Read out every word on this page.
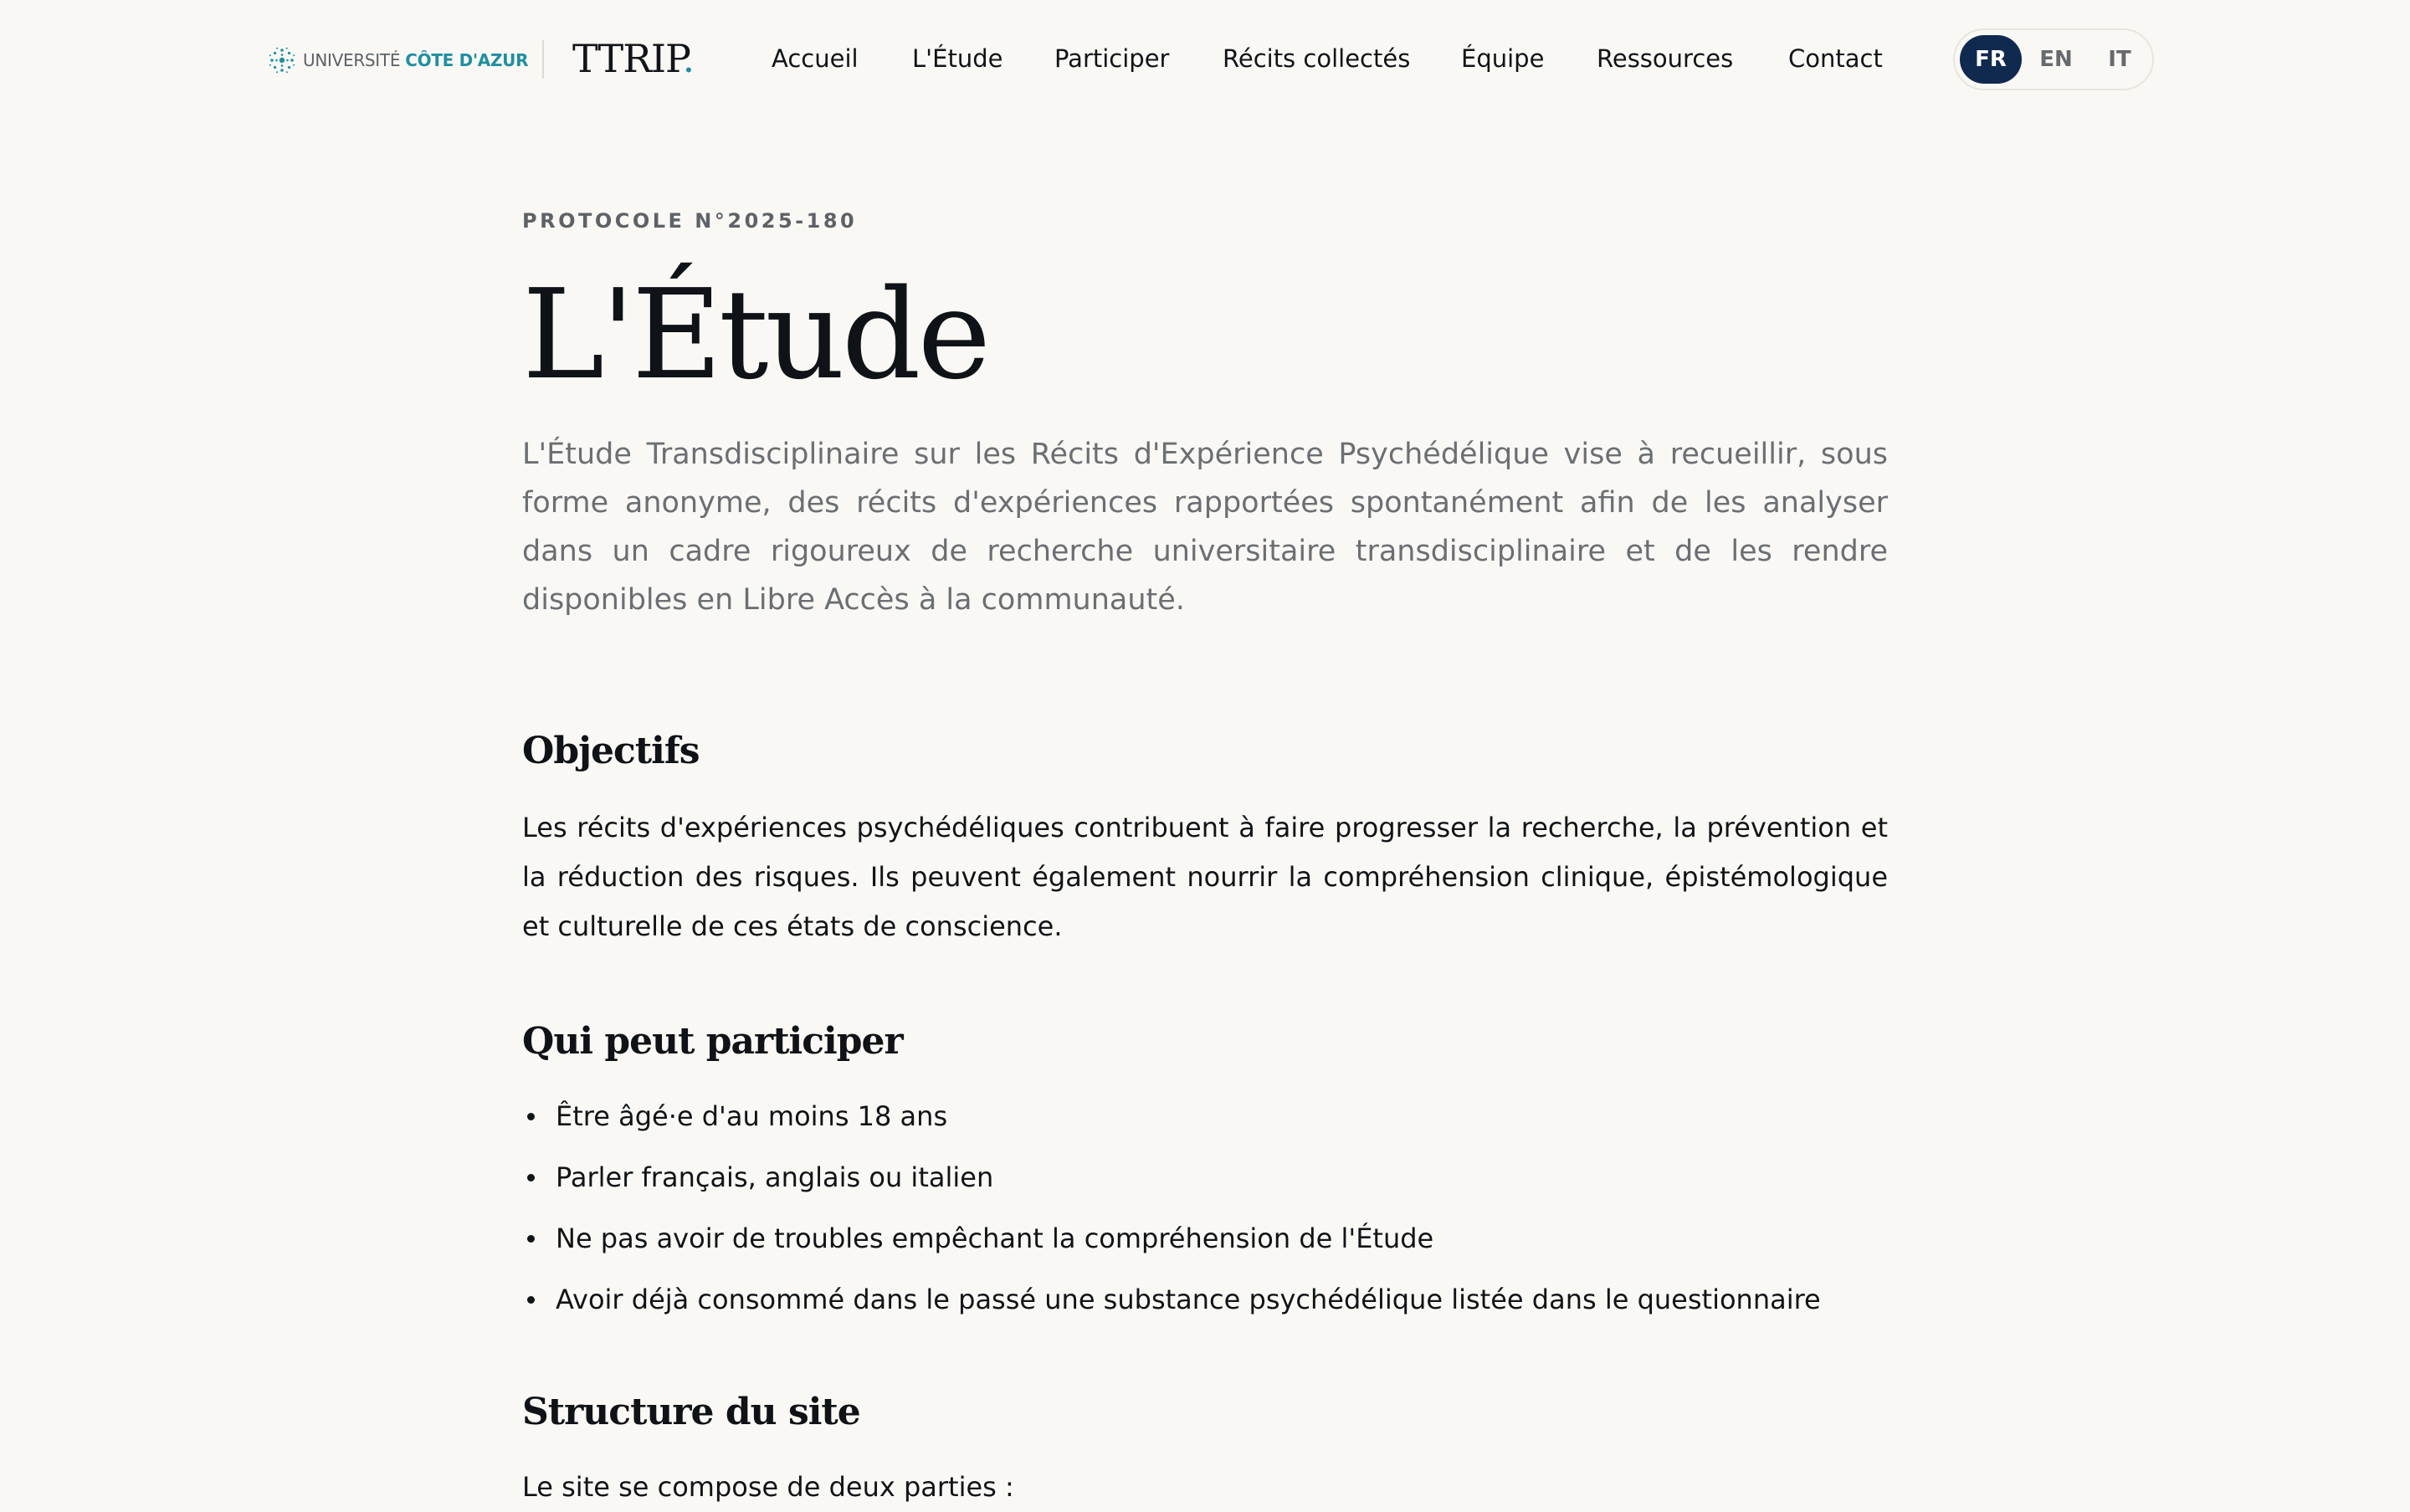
UNIVERSITÉ CÔTE D'AZUR TTRIP.	Accueil L'Étude Participer Récits collectés Équipe Ressources Contact	FR	EN	IT
PROTOCOLE N°2025-180
L'Étude

L'Étude Transdisciplinaire sur les Récits d'Expérience Psychédélique vise à recueillir, sous forme anonyme, des récits d'expériences rapportées spontanément afin de les analyser dans un cadre rigoureux de recherche universitaire transdisciplinaire et de les rendre disponibles en Libre Accès à la communauté.

Objectifs

Les récits d'expériences psychédéliques contribuent à faire progresser la recherche, la prévention et la réduction des risques. Ils peuvent également nourrir la compréhension clinique, épistémologique et culturelle de ces états de conscience.

Qui peut participer
Être âgé·e d'au moins 18 ans
Parler français, anglais ou italien
Ne pas avoir de troubles empêchant la compréhension de l'Étude
Avoir déjà consommé dans le passé une substance psychédélique listée dans le questionnaire
Structure du site

Le site se compose de deux parties :
